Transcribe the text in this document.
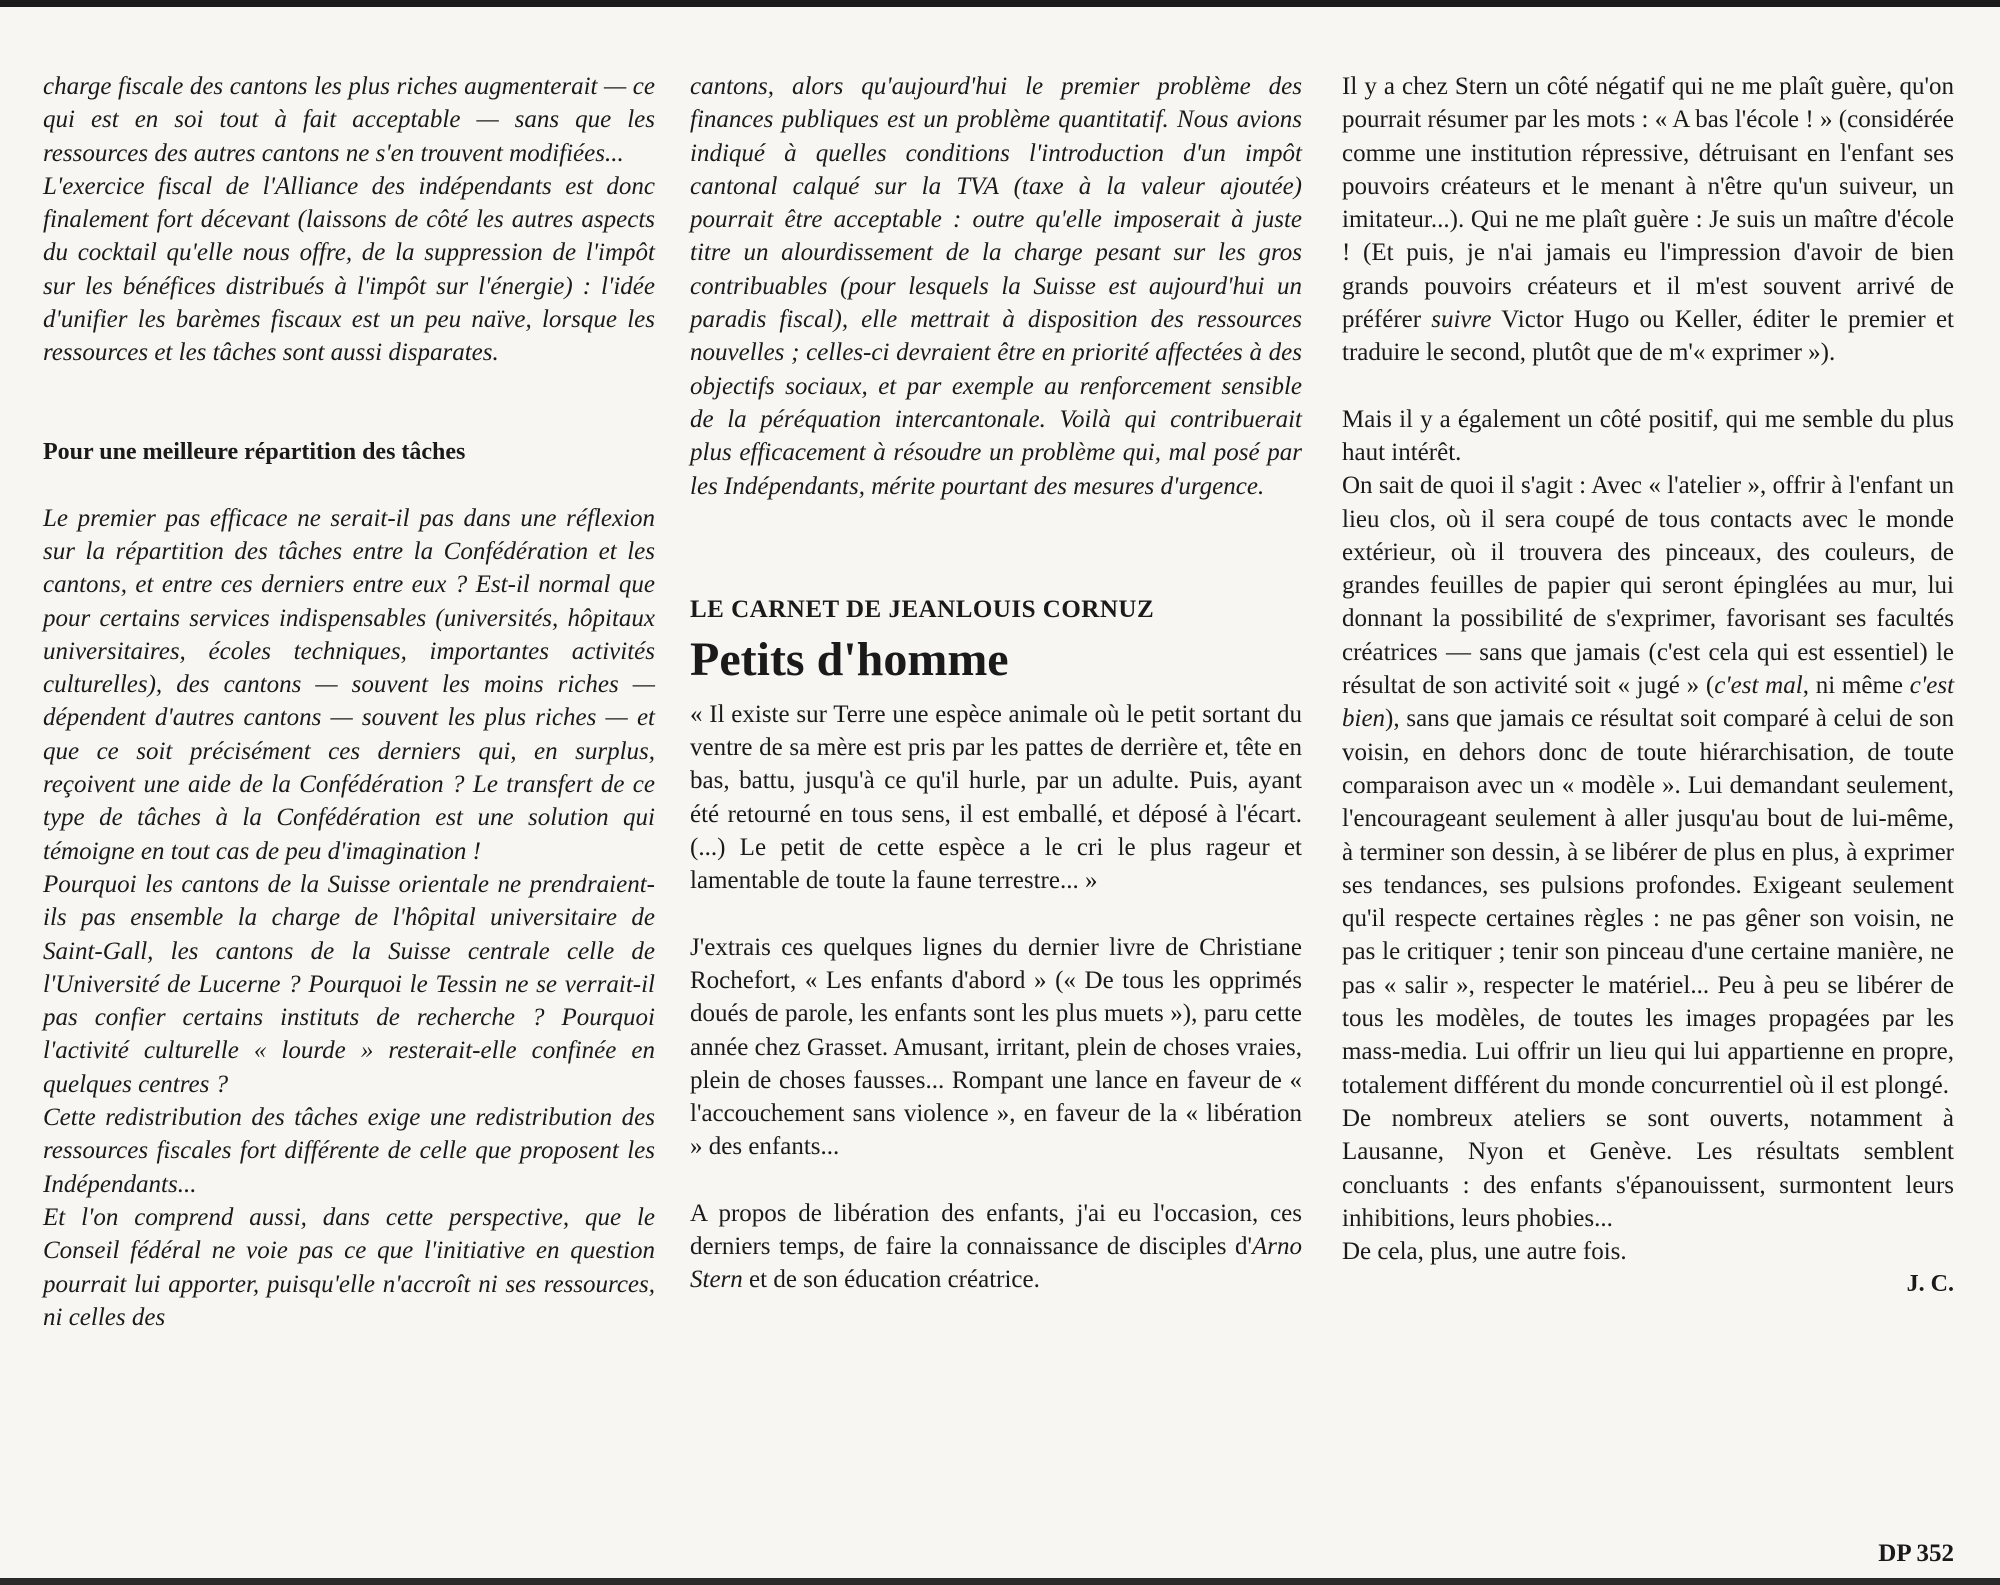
charge fiscale des cantons les plus riches augmenterait — ce qui est en soi tout à fait acceptable — sans que les ressources des autres cantons ne s'en trouvent modifiées...

L'exercice fiscal de l'Alliance des indépendants est donc finalement fort décevant (laissons de côté les autres aspects du cocktail qu'elle nous offre, de la suppression de l'impôt sur les bénéfices distribués à l'impôt sur l'énergie) : l'idée d'unifier les barèmes fiscaux est un peu naïve, lorsque les ressources et les tâches sont aussi disparates.

Pour une meilleure répartition des tâches

Le premier pas efficace ne serait-il pas dans une réflexion sur la répartition des tâches entre la Confédération et les cantons, et entre ces derniers entre eux ? Est-il normal que pour certains services indispensables (universités, hôpitaux universitaires, écoles techniques, importantes activités culturelles), des cantons — souvent les moins riches — dépendent d'autres cantons — souvent les plus riches — et que ce soit précisément ces derniers qui, en surplus, reçoivent une aide de la Confédération ? Le transfert de ce type de tâches à la Confédération est une solution qui témoigne en tout cas de peu d'imagination !

Pourquoi les cantons de la Suisse orientale ne prendraient-ils pas ensemble la charge de l'hôpital universitaire de Saint-Gall, les cantons de la Suisse centrale celle de l'Université de Lucerne ? Pourquoi le Tessin ne se verrait-il pas confier certains instituts de recherche ? Pourquoi l'activité culturelle « lourde » resterait-elle confinée en quelques centres ?

Cette redistribution des tâches exige une redistribution des ressources fiscales fort différente de celle que proposent les Indépendants...

Et l'on comprend aussi, dans cette perspective, que le Conseil fédéral ne voie pas ce que l'initiative en question pourrait lui apporter, puisqu'elle n'accroît ni ses ressources, ni celles des

cantons, alors qu'aujourd'hui le premier problème des finances publiques est un problème quantitatif. Nous avions indiqué à quelles conditions l'introduction d'un impôt cantonal calqué sur la TVA (taxe à la valeur ajoutée) pourrait être acceptable : outre qu'elle imposerait à juste titre un alourdissement de la charge pesant sur les gros contribuables (pour lesquels la Suisse est aujourd'hui un paradis fiscal), elle mettrait à disposition des ressources nouvelles ; celles-ci devraient être en priorité affectées à des objectifs sociaux, et par exemple au renforcement sensible de la péréquation intercantonale. Voilà qui contribuerait plus efficacement à résoudre un problème qui, mal posé par les Indépendants, mérite pourtant des mesures d'urgence.

LE CARNET DE JEANLOUIS CORNUZ

Petits d'homme

« Il existe sur Terre une espèce animale où le petit sortant du ventre de sa mère est pris par les pattes de derrière et, tête en bas, battu, jusqu'à ce qu'il hurle, par un adulte. Puis, ayant été retourné en tous sens, il est emballé, et déposé à l'écart. (...) Le petit de cette espèce a le cri le plus rageur et lamentable de toute la faune terrestre... »

J'extrais ces quelques lignes du dernier livre de Christiane Rochefort, « Les enfants d'abord » (« De tous les opprimés doués de parole, les enfants sont les plus muets »), paru cette année chez Grasset. Amusant, irritant, plein de choses vraies, plein de choses fausses... Rompant une lance en faveur de « l'accouchement sans violence », en faveur de la « libération » des enfants...

A propos de libération des enfants, j'ai eu l'occasion, ces derniers temps, de faire la connaissance de disciples d'Arno Stern et de son éducation créatrice.

Il y a chez Stern un côté négatif qui ne me plaît guère, qu'on pourrait résumer par les mots : « A bas l'école ! » (considérée comme une institution répressive, détruisant en l'enfant ses pouvoirs créateurs et le menant à n'être qu'un suiveur, un imitateur...). Qui ne me plaît guère : Je suis un maître d'école ! (Et puis, je n'ai jamais eu l'impression d'avoir de bien grands pouvoirs créateurs et il m'est souvent arrivé de préférer suivre Victor Hugo ou Keller, éditer le premier et traduire le second, plutôt que de m'« exprimer »).

Mais il y a également un côté positif, qui me semble du plus haut intérêt.

On sait de quoi il s'agit : Avec « l'atelier », offrir à l'enfant un lieu clos, où il sera coupé de tous contacts avec le monde extérieur, où il trouvera des pinceaux, des couleurs, de grandes feuilles de papier qui seront épinglées au mur, lui donnant la possibilité de s'exprimer, favorisant ses facultés créatrices — sans que jamais (c'est cela qui est essentiel) le résultat de son activité soit « jugé » (c'est mal, ni même c'est bien), sans que jamais ce résultat soit comparé à celui de son voisin, en dehors donc de toute hiérarchisation, de toute comparaison avec un « modèle ». Lui demandant seulement, l'encourageant seulement à aller jusqu'au bout de lui-même, à terminer son dessin, à se libérer de plus en plus, à exprimer ses tendances, ses pulsions profondes. Exigeant seulement qu'il respecte certaines règles : ne pas gêner son voisin, ne pas le critiquer ; tenir son pinceau d'une certaine manière, ne pas « salir », respecter le matériel... Peu à peu se libérer de tous les modèles, de toutes les images propagées par les mass-media. Lui offrir un lieu qui lui appartienne en propre, totalement différent du monde concurrentiel où il est plongé.

De nombreux ateliers se sont ouverts, notamment à Lausanne, Nyon et Genève. Les résultats semblent concluants : des enfants s'épanouissent, surmontent leurs inhibitions, leurs phobies...

De cela, plus, une autre fois.

J. C.

DP 352
